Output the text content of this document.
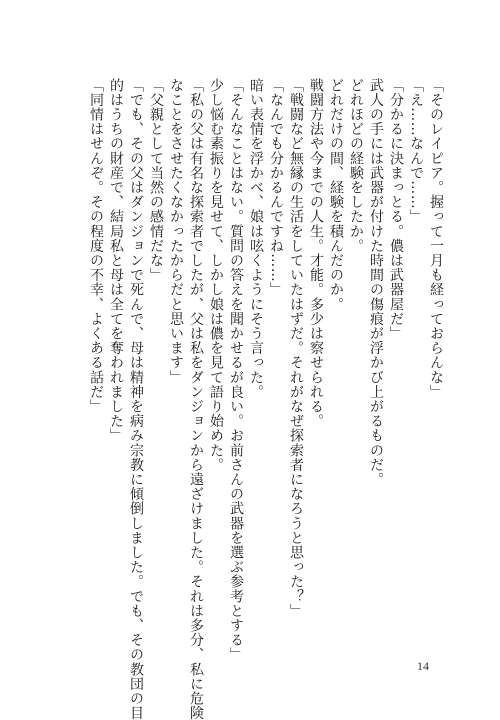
「そのレイピア。握って一月も経っておらんな」
「え……なんで……」
「分かるに決まっとる。儂は武器屋だ」
武人の手には武器が付けた時間の傷痕が浮かび上がるものだ。
どれほどの経験をしたか。
どれだけの間、経験を積んだのか。
戦闘方法や今までの人生。才能。多少は察せられる。
「戦闘など無縁の生活をしていたはずだ。それがなぜ探索者になろうと思った？」
「なんでも分かるんですね……」
暗い表情を浮かべ、娘は呟くようにそう言った。
「そんなことはない。質問の答えを聞かせるが良い。お前さんの武器を選ぶ参考とする」
少し悩む素振りを見せて、しかし娘は儂を見て語り始めた。
「私の父は有名な探索者でしたが、父は私をダンジョンから遠ざけました。それは多分、私に危険
なことをさせたくなかったからだと思います」
「父親として当然の感情だな」
「でも、その父はダンジョンで死んで、母は精神を病み宗教に傾倒しました。でも、その教団の目
的はうちの財産で、結局私と母は全てを奪われました」
「同情はせんぞ。その程度の不幸、よくある話だ」
14
